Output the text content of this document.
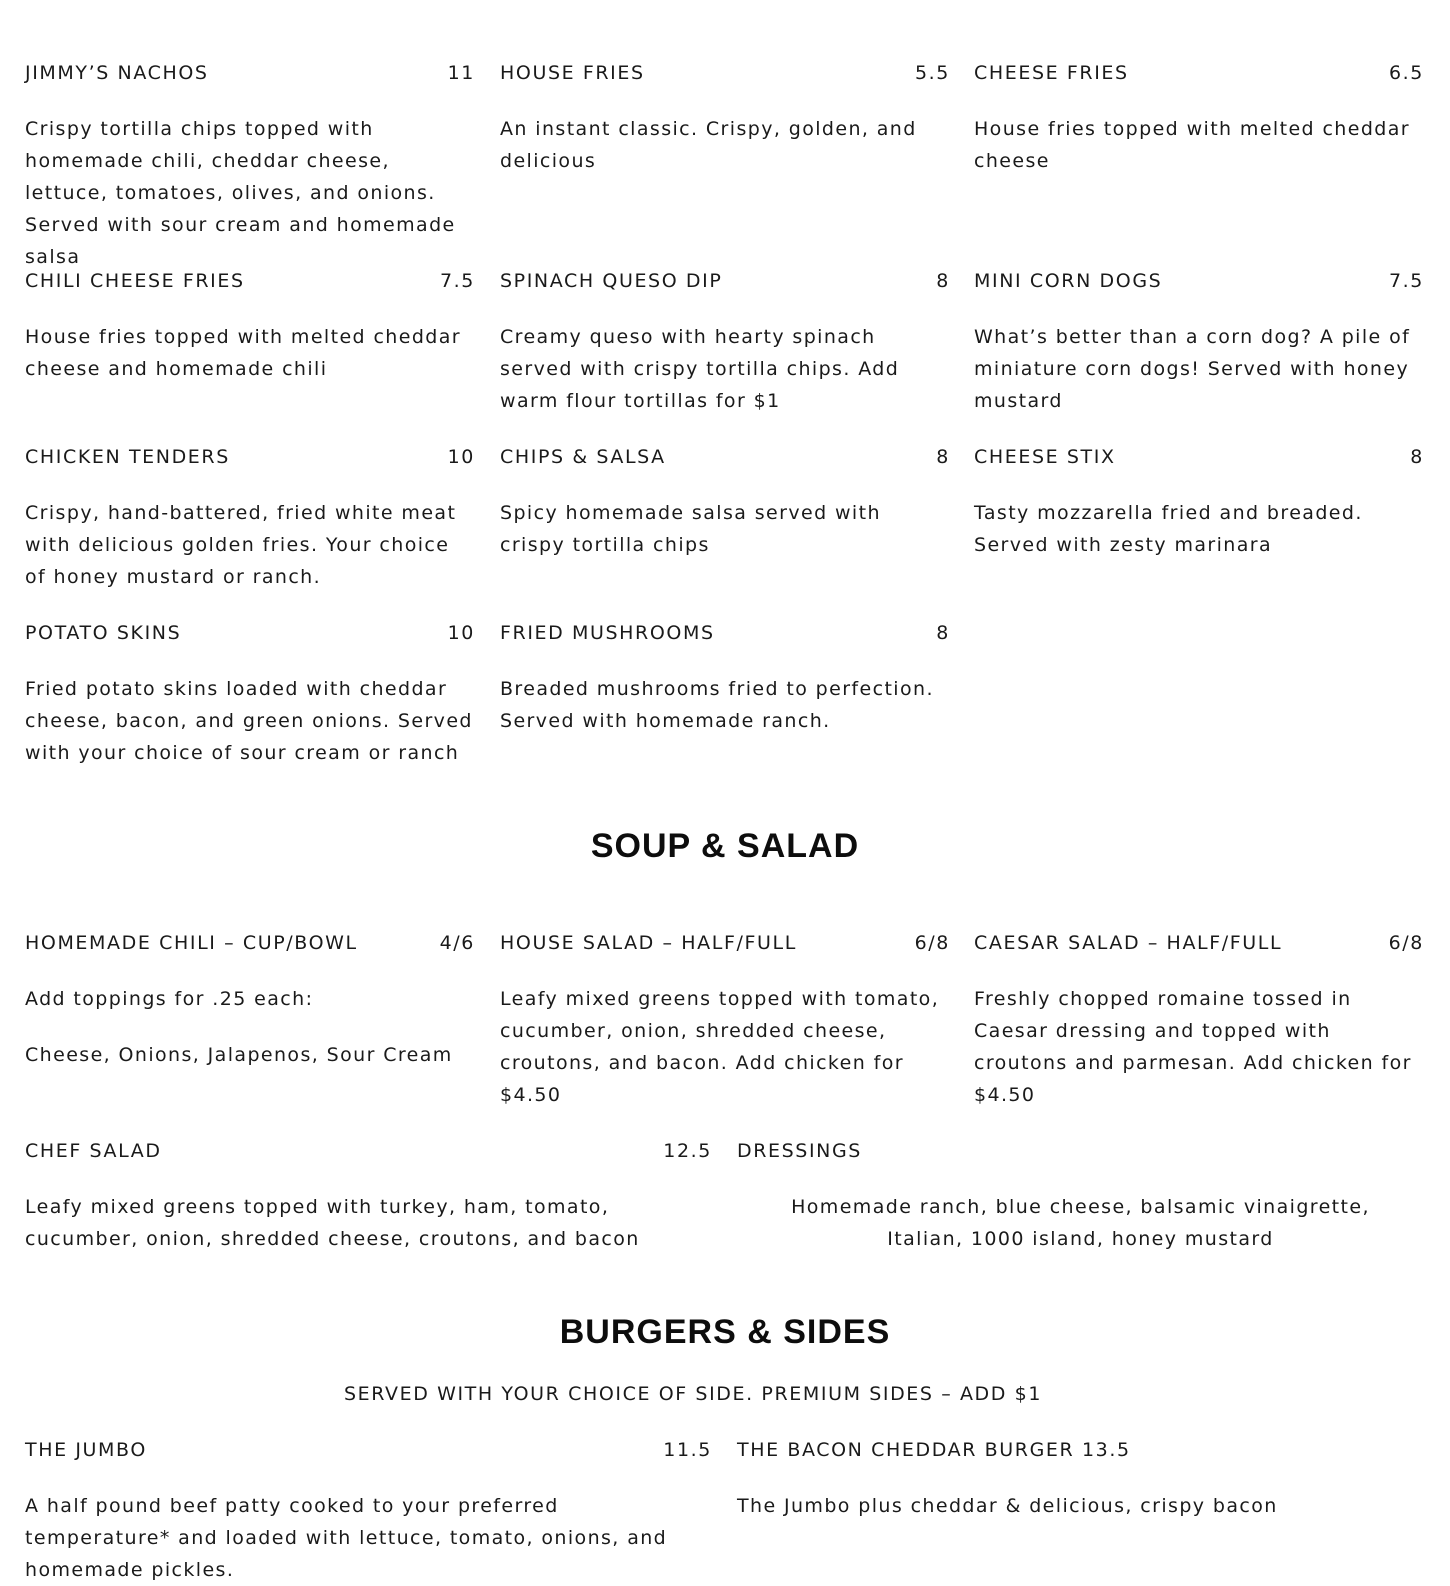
JIMMY’S NACHOS	11
Crispy tortilla chips topped with homemade chili, cheddar cheese, lettuce, tomatoes, olives, and onions. Served with sour cream and homemade salsa
HOUSE FRIES	5.5
An instant classic. Crispy, golden, and delicious
CHEESE FRIES	6.5
House fries topped with melted cheddar cheese
CHILI CHEESE FRIES	7.5
House fries topped with melted cheddar cheese and homemade chili
SPINACH QUESO DIP	8
Creamy queso with hearty spinach served with crispy tortilla chips. Add warm flour tortillas for $1
MINI CORN DOGS	7.5
What’s better than a corn dog? A pile of miniature corn dogs! Served with honey mustard
CHICKEN TENDERS	10
Crispy, hand-battered, fried white meat with delicious golden fries. Your choice of honey mustard or ranch.
CHIPS & SALSA	8
Spicy homemade salsa served with crispy tortilla chips
CHEESE STIX	8
Tasty mozzarella fried and breaded. Served with zesty marinara
POTATO SKINS	10
Fried potato skins loaded with cheddar cheese, bacon, and green onions. Served with your choice of sour cream or ranch
FRIED MUSHROOMS	8
Breaded mushrooms fried to perfection. Served with homemade ranch.
SOUP & SALAD
HOMEMADE CHILI – CUP/BOWL	4/6

Add toppings for .25 each:

Cheese, Onions, Jalapenos, Sour Cream

HOUSE SALAD – HALF/FULL	6/8
Leafy mixed greens topped with tomato, cucumber, onion, shredded cheese, croutons, and bacon. Add chicken for $4.50
CAESAR SALAD – HALF/FULL	6/8
Freshly chopped romaine tossed in Caesar dressing and topped with croutons and parmesan. Add chicken for $4.50
CHEF SALAD	12.5
Leafy mixed greens topped with turkey, ham, tomato, cucumber, onion, shredded cheese, croutons, and bacon
DRESSINGS
Homemade ranch, blue cheese, balsamic vinaigrette, Italian, 1000 island, honey mustard
BURGERS & SIDES
SERVED WITH YOUR CHOICE OF SIDE. PREMIUM SIDES – ADD $1
THE JUMBO	11.5
A half pound beef patty cooked to your preferred temperature* and loaded with lettuce, tomato, onions, and homemade pickles.
THE BACON CHEDDAR BURGER 13.5
The Jumbo plus cheddar & delicious, crispy bacon
